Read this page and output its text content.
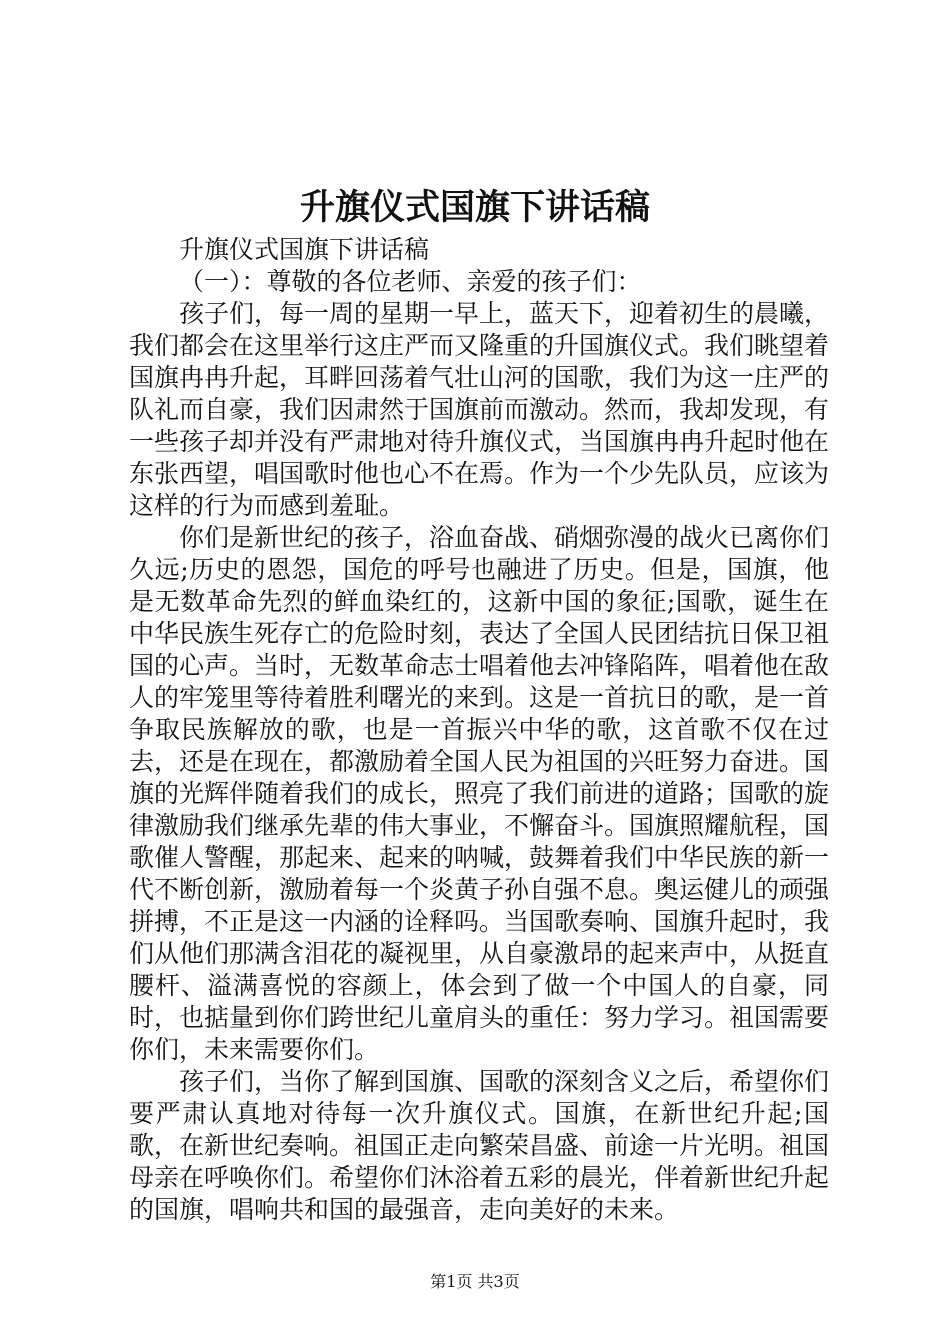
升旗仪式国旗下讲话稿

升旗仪式国旗下讲话稿

（一）：尊敬的各位老师、亲爱的孩子们：

孩子们，每一周的星期一早上，蓝天下，迎着初生的晨曦，我们都会在这里举行这庄严而又隆重的升国旗仪式。我们眺望着国旗冉冉升起，耳畔回荡着气壮山河的国歌，我们为这一庄严的队礼而自豪，我们因肃然于国旗前而激动。然而，我却发现，有一些孩子却并没有严肃地对待升旗仪式，当国旗冉冉升起时他在东张西望，唱国歌时他也心不在焉。作为一个少先队员，应该为这样的行为而感到羞耻。

你们是新世纪的孩子，浴血奋战、硝烟弥漫的战火已离你们久远;历史的恩怨，国危的呼号也融进了历史。但是，国旗，他是无数革命先烈的鲜血染红的，这新中国的象征;国歌，诞生在中华民族生死存亡的危险时刻，表达了全国人民团结抗日保卫祖国的心声。当时，无数革命志士唱着他去冲锋陷阵，唱着他在敌人的牢笼里等待着胜利曙光的来到。这是一首抗日的歌，是一首争取民族解放的歌，也是一首振兴中华的歌，这首歌不仅在过去，还是在现在，都激励着全国人民为祖国的兴旺努力奋进。国旗的光辉伴随着我们的成长，照亮了我们前进的道路；国歌的旋律激励我们继承先辈的伟大事业，不懈奋斗。国旗照耀航程，国歌催人警醒，那起来、起来的呐喊，鼓舞着我们中华民族的新一代不断创新，激励着每一个炎黄子孙自强不息。奥运健儿的顽强拼搏，不正是这一内涵的诠释吗。当国歌奏响、国旗升起时，我们从他们那满含泪花的凝视里，从自豪激昂的起来声中，从挺直腰杆、溢满喜悦的容颜上，体会到了做一个中国人的自豪，同时，也掂量到你们跨世纪儿童肩头的重任：努力学习。祖国需要你们，未来需要你们。

孩子们，当你了解到国旗、国歌的深刻含义之后，希望你们要严肃认真地对待每一次升旗仪式。国旗，在新世纪升起;国歌，在新世纪奏响。祖国正走向繁荣昌盛、前途一片光明。祖国母亲在呼唤你们。希望你们沐浴着五彩的晨光，伴着新世纪升起的国旗，唱响共和国的最强音，走向美好的未来。

第1页 共3页
